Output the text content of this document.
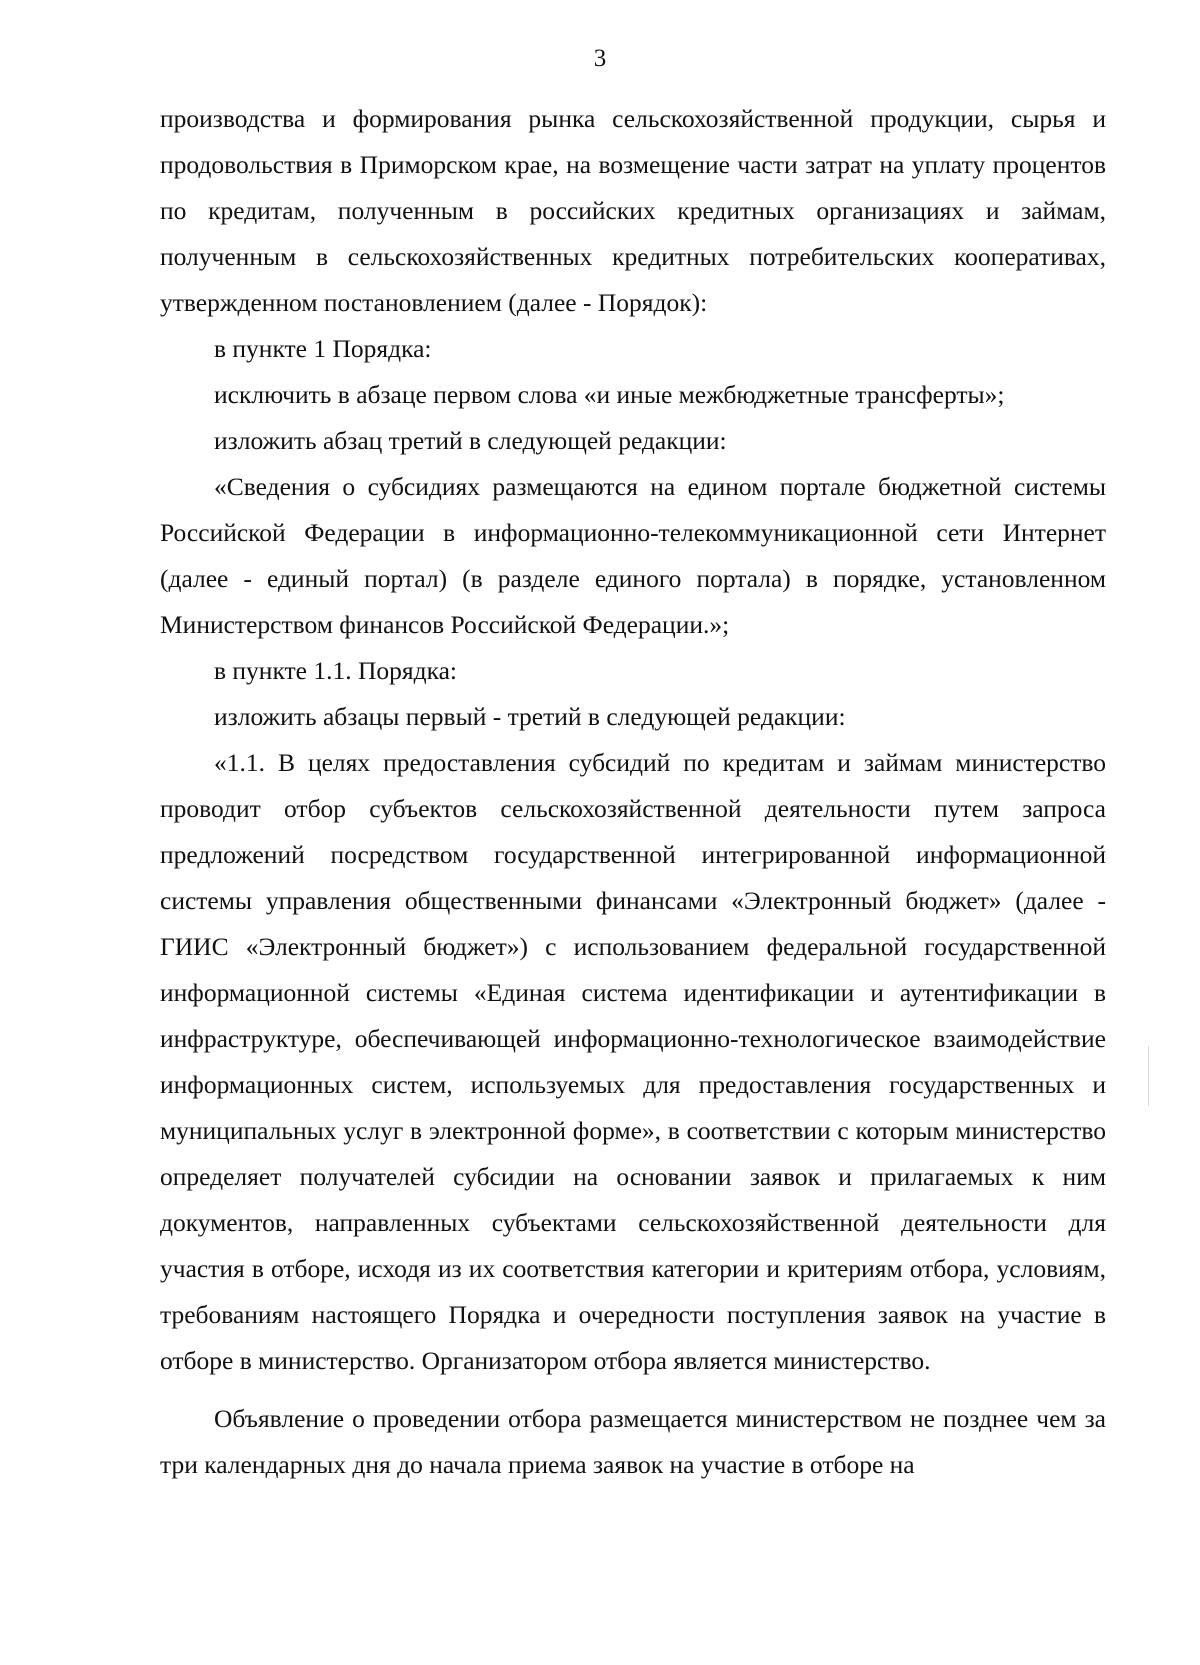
3

производства и формирования рынка сельскохозяйственной продукции, сырья и продовольствия в Приморском крае, на возмещение части затрат на уплату процентов по кредитам, полученным в российских кредитных организациях и займам, полученным в сельскохозяйственных кредитных потребительских кооперативах, утвержденном постановлением (далее - Порядок):

в пункте 1 Порядка:

исключить в абзаце первом слова «и иные межбюджетные трансферты»;

изложить абзац третий в следующей редакции:

«Сведения о субсидиях размещаются на едином портале бюджетной системы Российской Федерации в информационно-телекоммуникационной сети Интернет (далее - единый портал) (в разделе единого портала) в порядке, установленном Министерством финансов Российской Федерации.»;

в пункте 1.1. Порядка:

изложить абзацы первый - третий в следующей редакции:

«1.1. В целях предоставления субсидий по кредитам и займам министерство проводит отбор субъектов сельскохозяйственной деятельности путем запроса предложений посредством государственной интегрированной информационной системы управления общественными финансами «Электронный бюджет» (далее - ГИИС «Электронный бюджет») с использованием федеральной государственной информационной системы «Единая система идентификации и аутентификации в инфраструктуре, обеспечивающей информационно-технологическое взаимодействие информационных систем, используемых для предоставления государственных и муниципальных услуг в электронной форме», в соответствии с которым министерство определяет получателей субсидии на основании заявок и прилагаемых к ним документов, направленных субъектами сельскохозяйственной деятельности для участия в отборе, исходя из их соответствия категории и критериям отбора, условиям, требованиям настоящего Порядка и очередности поступления заявок на участие в отборе в министерство. Организатором отбора является министерство.

Объявление о проведении отбора размещается министерством не позднее чем за три календарных дня до начала приема заявок на участие в отборе на
